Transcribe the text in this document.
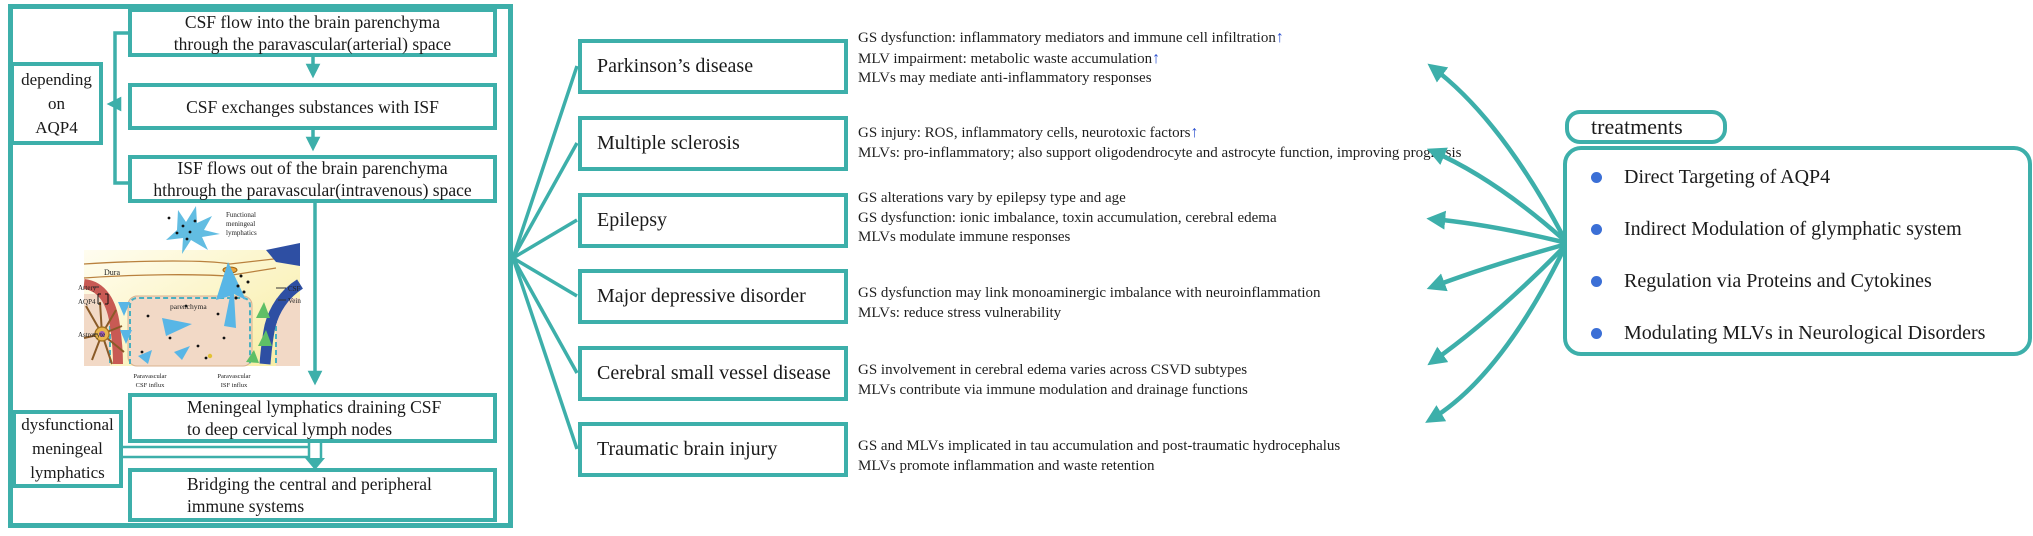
CSF flow into the brain parenchyma
through the paravascular(arterial) space
CSF exchanges substances with ISF
ISF flows out of the brain parenchyma
hthrough the paravascular(intravenous) space
depending
on
AQP4
Meningeal lymphatics draining CSF
to deep cervical lymph nodes
dysfunctional
meningeal
lymphatics
Bridging the central and peripheral
immune systems
Functional
meningeal
lymphatics
Dura
Artery
AQP4
Astrocyte
parenchyma
CSF
Vein
Paravascular
CSF influx
Paravascular
ISF influx
Parkinson’s disease
Multiple sclerosis
Epilepsy
Major depressive disorder
Cerebral small vessel disease
Traumatic brain injury
GS dysfunction: inflammatory mediators and immune cell infiltration↑
MLV impairment: metabolic waste accumulation↑
MLVs may mediate anti-inflammatory responses
GS injury: ROS, inflammatory cells, neurotoxic factors↑
MLVs: pro-inflammatory; also support oligodendrocyte and astrocyte function, improving prognosis
GS alterations vary by epilepsy type and age
GS dysfunction: ionic imbalance, toxin accumulation, cerebral edema
MLVs modulate immune responses
GS dysfunction may link monoaminergic imbalance with neuroinflammation
MLVs: reduce stress vulnerability
GS involvement in cerebral edema varies across CSVD subtypes
MLVs contribute via immune modulation and drainage functions
GS and MLVs implicated in tau accumulation and post-traumatic hydrocephalus
MLVs promote inflammation and waste retention
treatments
Direct Targeting of AQP4
Indirect Modulation of glymphatic system
Regulation via Proteins and Cytokines
Modulating MLVs in Neurological Disorders
